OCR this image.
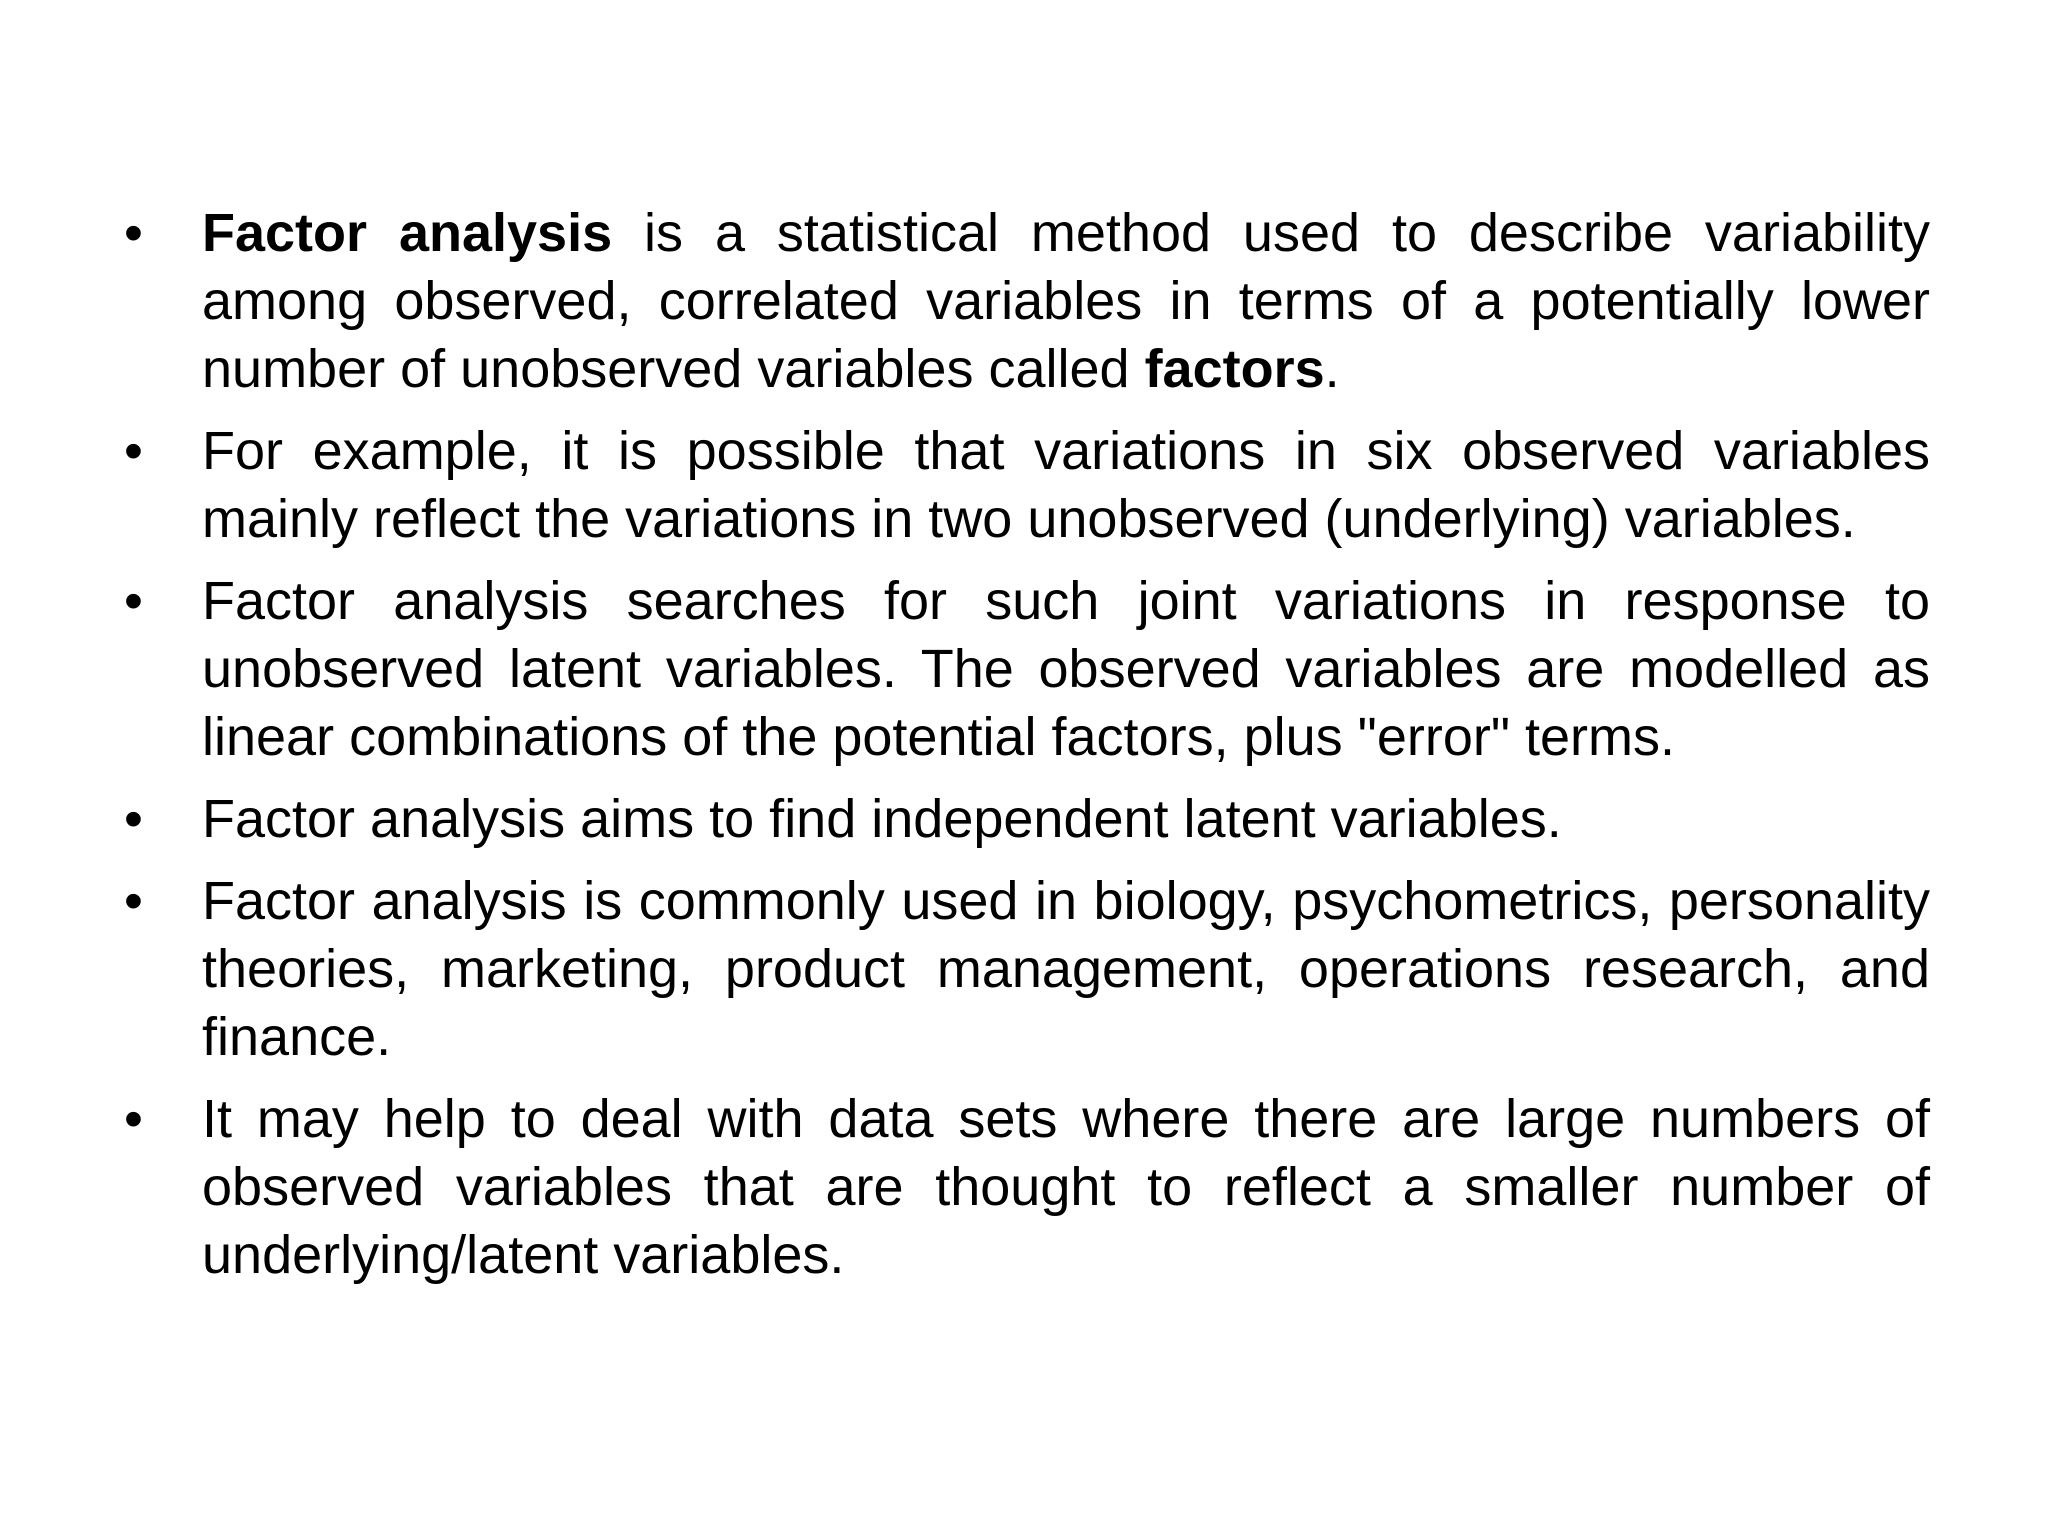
•	Factor analysis is a statistical method used to describe variability among observed, correlated variables in terms of a potentially lower number of unobserved variables called factors.
•	For example, it is possible that variations in six observed variables mainly reflect the variations in two unobserved (underlying) variables.
•	Factor analysis searches for such joint variations in response to unobserved latent variables. The observed variables are modelled as linear combinations of the potential factors, plus "error" terms.
•	Factor analysis aims to find independent latent variables.
•	Factor analysis is commonly used in biology, psychometrics, personality theories, marketing, product management, operations research, and finance.
•	It may help to deal with data sets where there are large numbers of observed variables that are thought to reflect a smaller number of underlying/latent variables.
